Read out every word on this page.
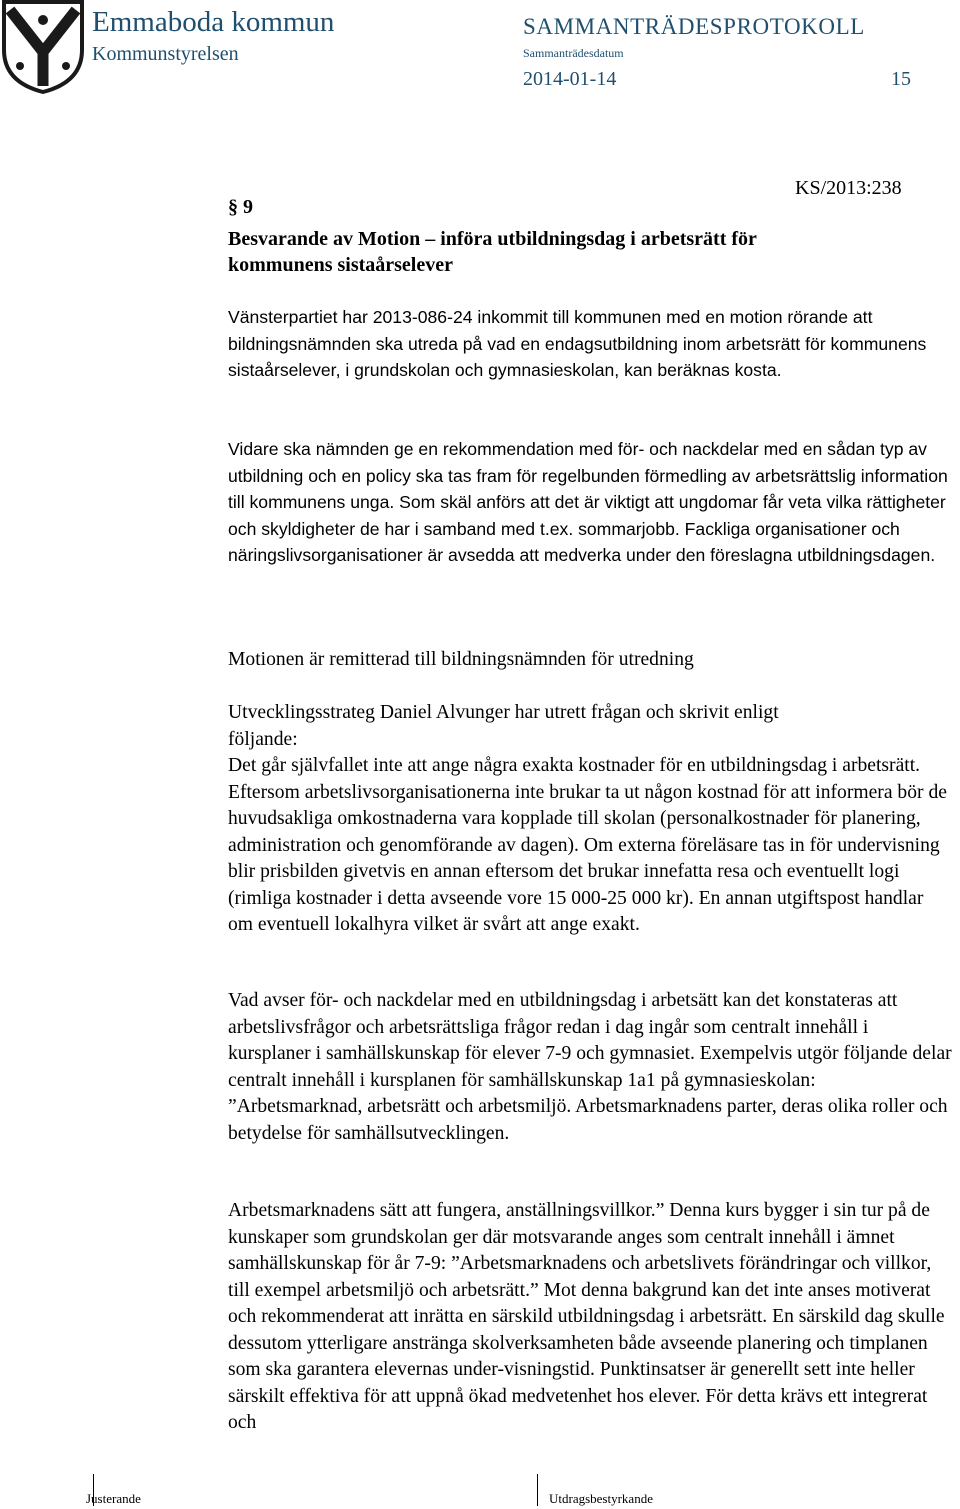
Emmaboda kommun
Kommunstyrelsen
SAMMANTRÄDESPROTOKOLL
Sammanträdesdatum
2014-01-14	15
KS/2013:238
§ 9
Besvarande av Motion – införa utbildningsdag i arbetsrätt för kommunens sistaårselever
Vänsterpartiet har 2013-086-24 inkommit till kommunen med en motion rörande att bildningsnämnden ska utreda på vad en endagsutbildning inom arbetsrätt för kommunens sistaårselever, i grundskolan och gymnasieskolan, kan beräknas kosta.
Vidare ska nämnden ge en rekommendation med för- och nackdelar med en sådan typ av utbildning och en policy ska tas fram för regelbunden förmedling av arbetsrättslig information till kommunens unga. Som skäl anförs att det är viktigt att ungdomar får veta vilka rättigheter och skyldigheter de har i samband med t.ex. sommarjobb. Fackliga organisationer och näringslivsorganisationer är avsedda att medverka under den föreslagna utbildningsdagen.
Motionen är remitterad till bildningsnämnden för utredning
Utvecklingsstrateg Daniel Alvunger har utrett frågan och skrivit enligt
följande:
Det går självfallet inte att ange några exakta kostnader för en utbildningsdag i arbetsrätt. Eftersom arbetslivsorganisationerna inte brukar ta ut någon kostnad för att informera bör de huvudsakliga omkostnaderna vara kopplade till skolan (personalkostnader för planering, administration och genomförande av dagen). Om externa föreläsare tas in för undervisning blir prisbilden givetvis en annan eftersom det brukar innefatta resa och eventuellt logi (rimliga kostnader i detta avseende vore 15 000-25 000 kr). En annan utgiftspost handlar om eventuell lokalhyra vilket är svårt att ange exakt.
Vad avser för- och nackdelar med en utbildningsdag i arbetsätt kan det konstateras att arbetslivsfrågor och arbetsrättsliga frågor redan i dag ingår som centralt innehåll i kursplaner i samhällskunskap för elever 7-9 och gymnasiet. Exempelvis utgör följande delar centralt innehåll i kursplanen för samhällskunskap 1a1 på gymnasieskolan: ”Arbetsmarknad, arbetsrätt och arbetsmiljö. Arbetsmarknadens parter, deras olika roller och betydelse för samhällsutvecklingen.
Arbetsmarknadens sätt att fungera, anställningsvillkor.” Denna kurs bygger i sin tur på de kunskaper som grundskolan ger där motsvarande anges som centralt innehåll i ämnet samhällskunskap för år 7-9: ”Arbetsmarknadens och arbetslivets förändringar och villkor, till exempel arbetsmiljö och arbetsrätt.” Mot denna bakgrund kan det inte anses motiverat och rekommenderat att inrätta en särskild utbildningsdag i arbetsrätt. En särskild dag skulle dessutom ytterligare anstränga skolverksamheten både avseende planering och timplanen som ska garantera elevernas under-visningstid. Punktinsatser är generellt sett inte heller särskilt effektiva för att uppnå ökad medvetenhet hos elever. För detta krävs ett integrerat och
Justerande	Utdragsbestyrkande
